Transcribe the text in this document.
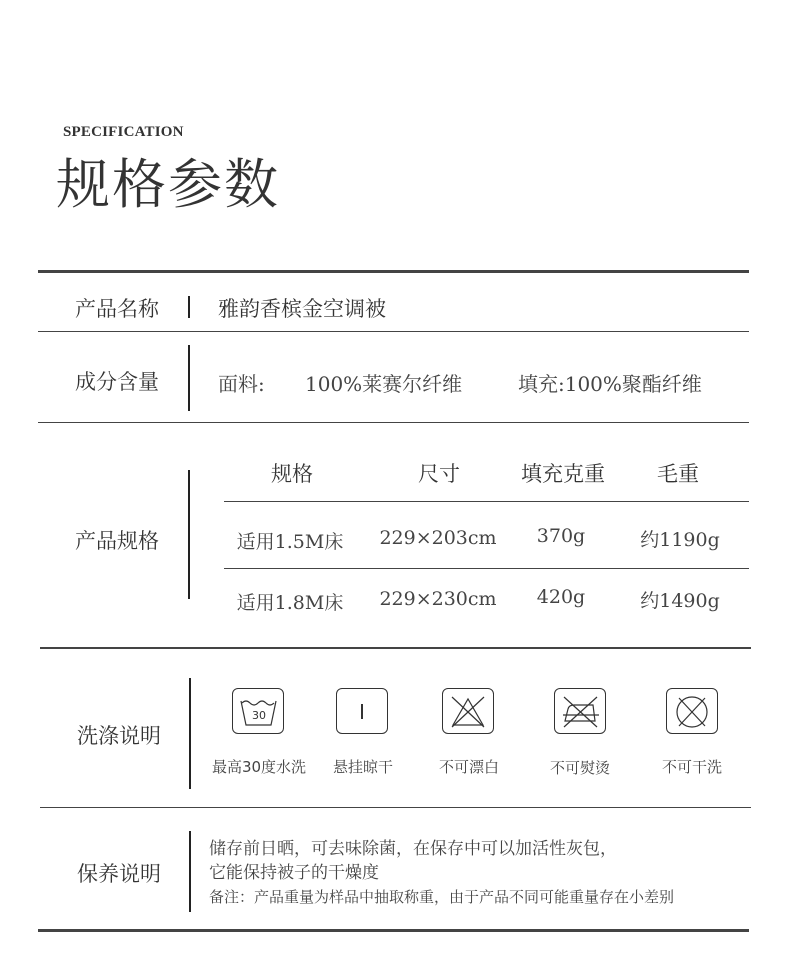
SPECIFICATION
规格参数
产品名称	雅韵香槟金空调被
成分含量	面料: 100%莱赛尔纤维	填充:100%聚酯纤维
产品规格
规格	尺寸	填充克重	毛重
适用1.5M床	229×203cm	370g	约1190g
适用1.8M床	229×230cm	420g	约1490g
洗涤说明
30
最高30度水洗	悬挂晾干	不可漂白	不可熨烫	不可干洗
保养说明
储存前日晒，可去味除菌，在保存中可以加活性灰包，
它能保持被子的干燥度
备注：产品重量为样品中抽取称重，由于产品不同可能重量存在小差别
